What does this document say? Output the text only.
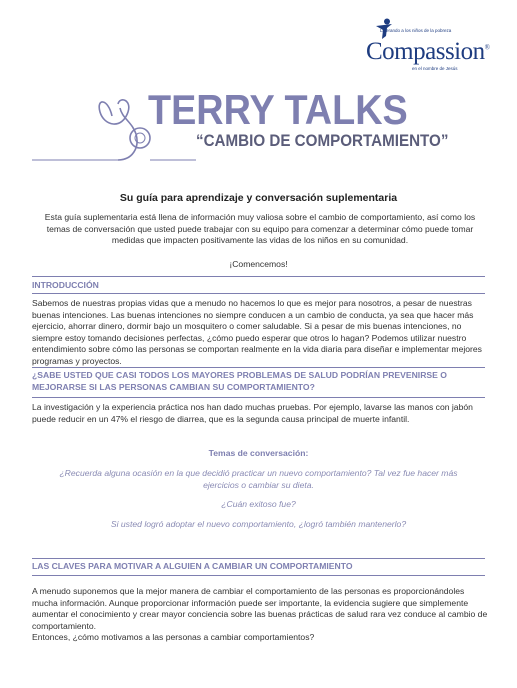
Liberando a los niños de la pobreza
Compassion®
en el nombre de Jesús
TERRY TALKS
“CAMBIO DE COMPORTAMIENTO”
Su guía para aprendizaje y conversación suplementaria
Esta guía suplementaria está llena de información muy valiosa sobre el cambio de comportamiento, así como los temas de conversación que usted puede trabajar con su equipo para comenzar a determinar cómo puede tomar medidas que impacten positivamente las vidas de los niños en su comunidad.
¡Comencemos!
INTRODUCCIÓN
Sabemos de nuestras propias vidas que a menudo no hacemos lo que es mejor para nosotros, a pesar de nuestras buenas intenciones. Las buenas intenciones no siempre conducen a un cambio de conducta, ya sea que hacer más ejercicio, ahorrar dinero, dormir bajo un mosquitero o comer saludable. Si a pesar de mis buenas intenciones, no siempre estoy tomando decisiones perfectas, ¿cómo puedo esperar que otros lo hagan? Podemos utilizar nuestro entendimiento sobre cómo las personas se comportan realmente en la vida diaria para diseñar e implementar mejores programas y proyectos.
¿SABE USTED QUE CASI TODOS LOS MAYORES PROBLEMAS DE SALUD PODRÍAN PREVENIRSE O MEJORARSE SI LAS PERSONAS CAMBIAN SU COMPORTAMIENTO?
La investigación y la experiencia práctica nos han dado muchas pruebas. Por ejemplo, lavarse las manos con jabón puede reducir en un 47% el riesgo de diarrea, que es la segunda causa principal de muerte infantil.
Temas de conversación:
¿Recuerda alguna ocasión en la que decidió practicar un nuevo comportamiento? Tal vez fue hacer más ejercicios o cambiar su dieta.
¿Cuán exitoso fue?
Si usted logró adoptar el nuevo comportamiento, ¿logró también mantenerlo?
LAS CLAVES PARA MOTIVAR A ALGUIEN A CAMBIAR UN COMPORTAMIENTO
A menudo suponemos que la mejor manera de cambiar el comportamiento de las personas es proporcionándoles mucha información. Aunque proporcionar información puede ser importante, la evidencia sugiere que simplemente aumentar el conocimiento y crear mayor conciencia sobre las buenas prácticas de salud rara vez conduce al cambio de comportamiento.
Entonces, ¿cómo motivamos a las personas a cambiar comportamientos?
